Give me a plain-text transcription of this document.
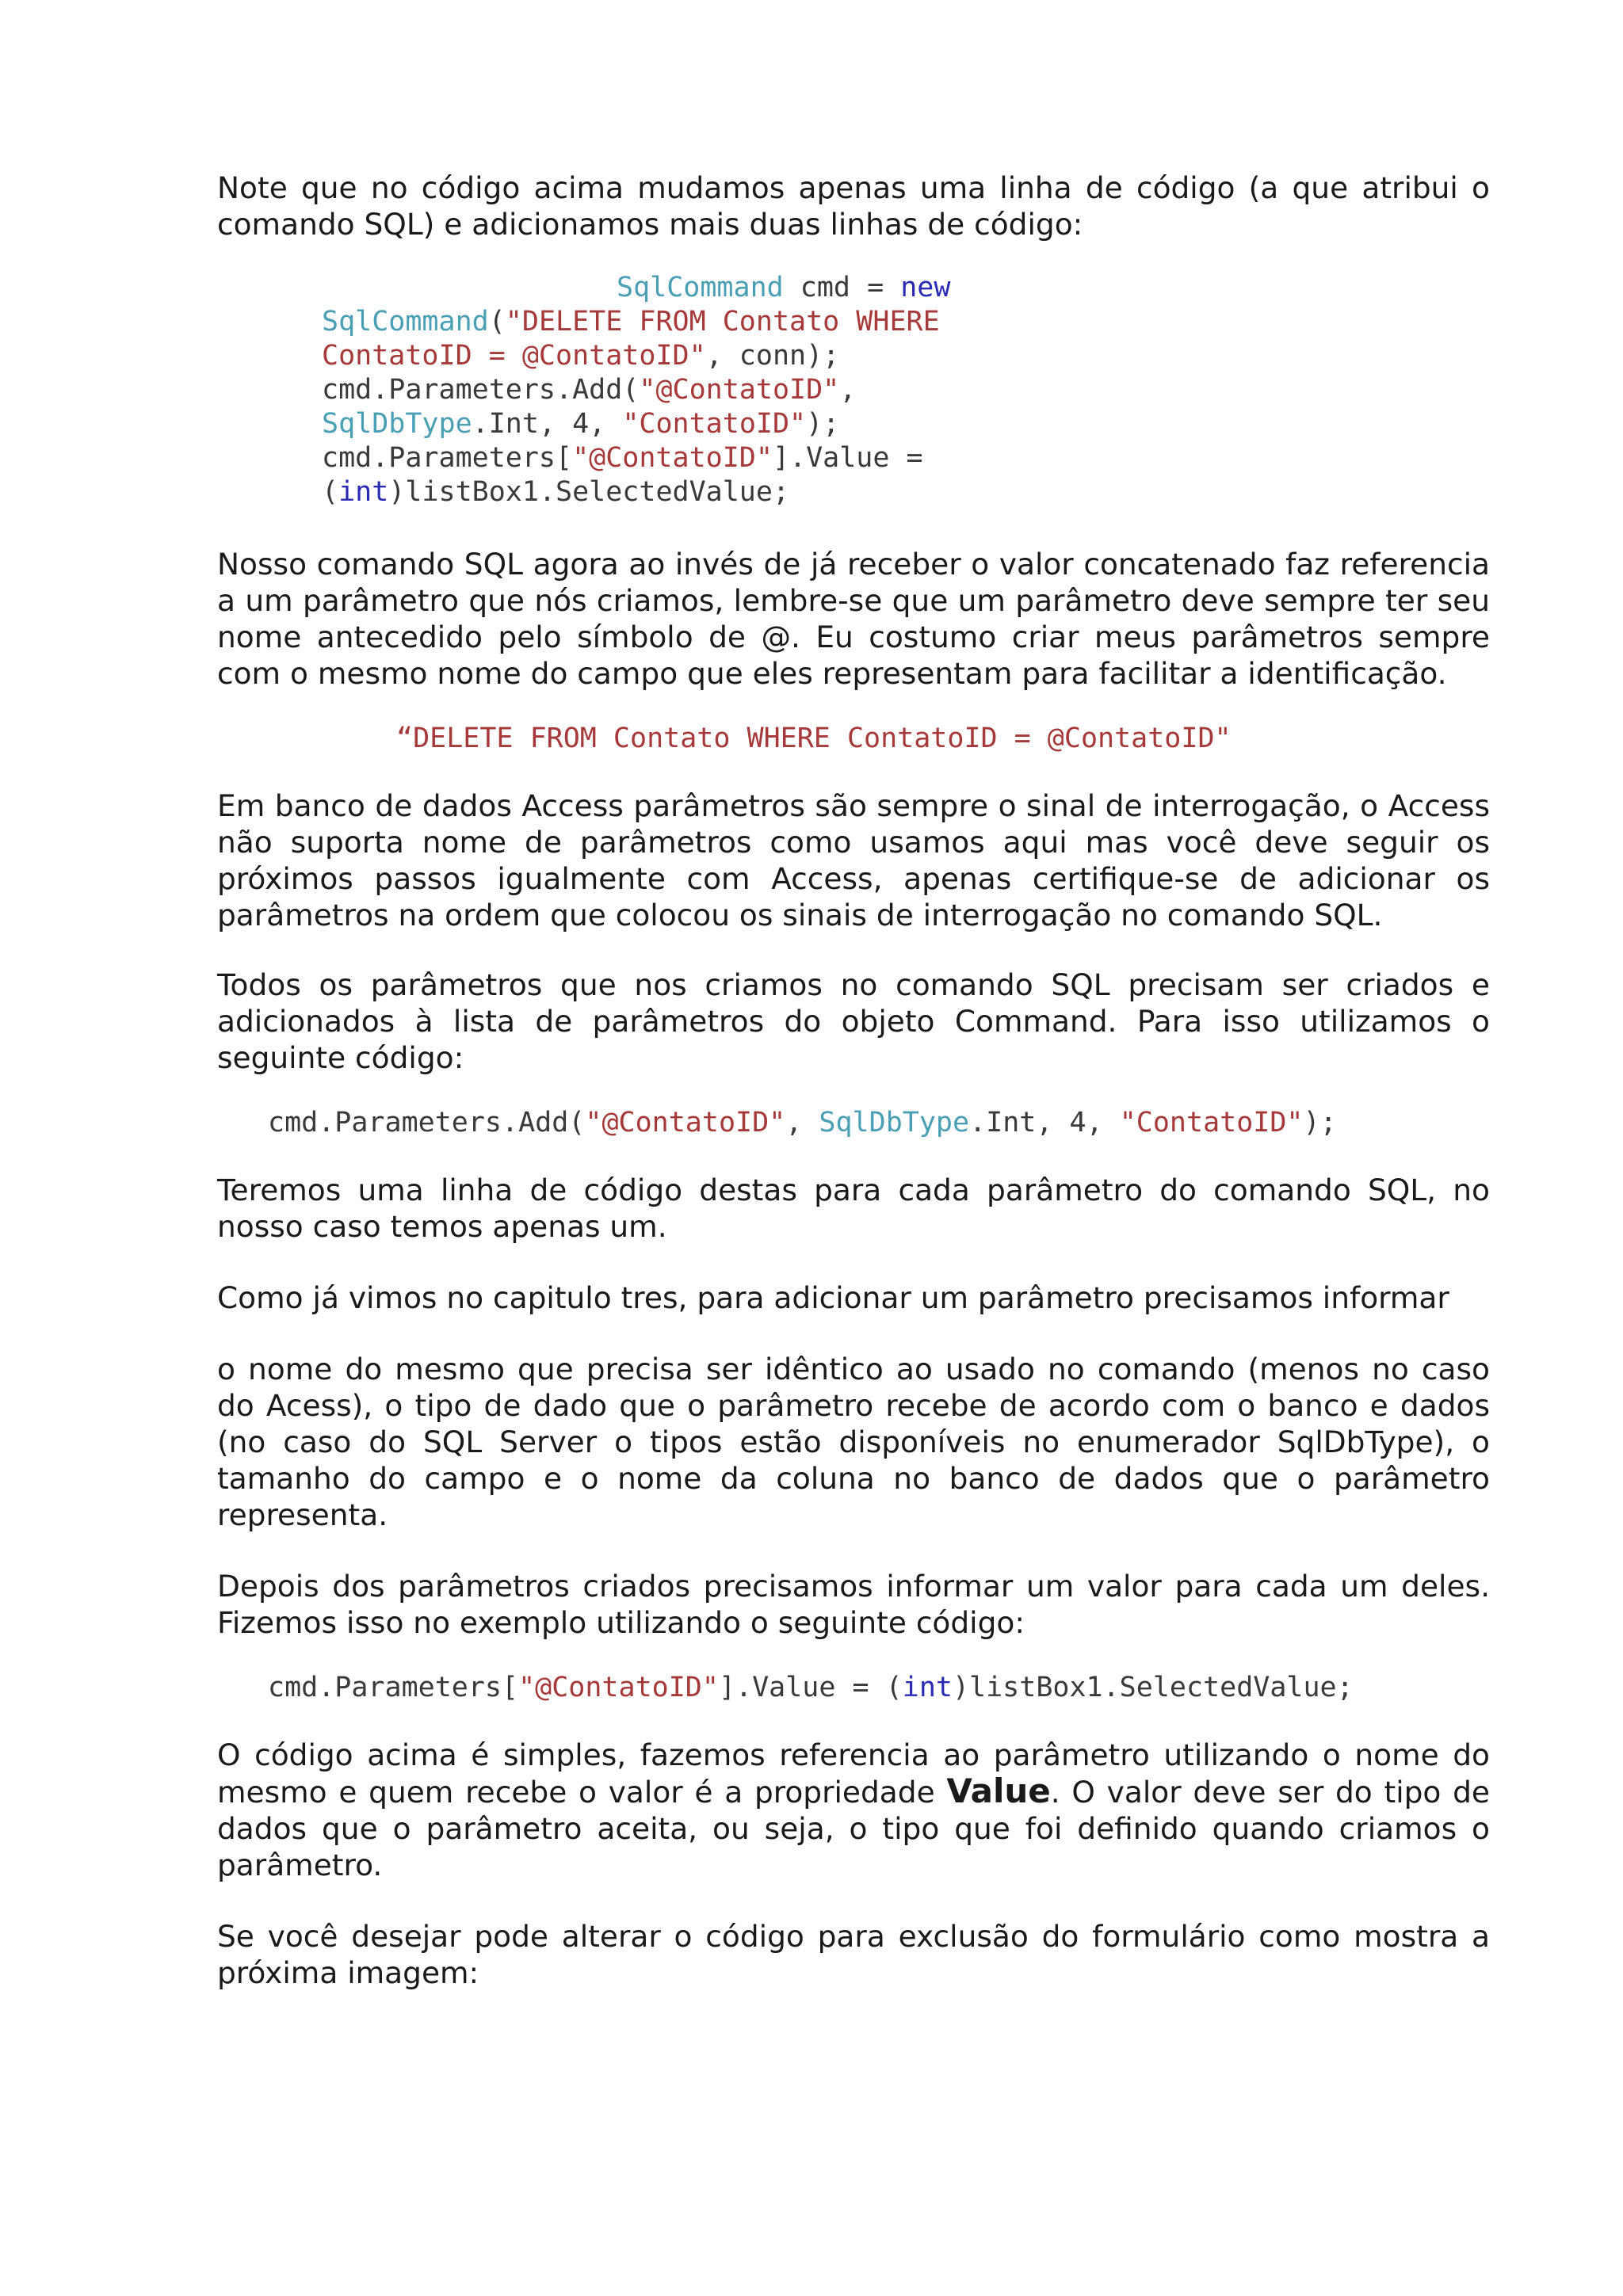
Note que no código acima mudamos apenas uma linha de código (a que atribui o comando SQL) e adicionamos mais duas linhas de código:

SqlCommand cmd = new
SqlCommand("DELETE FROM Contato WHERE
ContatoID = @ContatoID", conn);
cmd.Parameters.Add("@ContatoID",
SqlDbType.Int, 4, "ContatoID");
cmd.Parameters["@ContatoID"].Value =
(int)listBox1.SelectedValue;

Nosso comando SQL agora ao invés de já receber o valor concatenado faz referencia a um parâmetro que nós criamos, lembre-se que um parâmetro deve sempre ter seu nome antecedido pelo símbolo de @. Eu costumo criar meus parâmetros sempre com o mesmo nome do campo que eles representam para facilitar a identificação.

“DELETE FROM Contato WHERE ContatoID = @ContatoID"

Em banco de dados Access parâmetros são sempre o sinal de interrogação, o Access não suporta nome de parâmetros como usamos aqui mas você deve seguir os próximos passos igualmente com Access, apenas certifique-se de adicionar os parâmetros na ordem que colocou os sinais de interrogação no comando SQL.

Todos os parâmetros que nos criamos no comando SQL precisam ser criados e adicionados à lista de parâmetros do objeto Command. Para isso utilizamos o seguinte código:

cmd.Parameters.Add("@ContatoID", SqlDbType.Int, 4, "ContatoID");

Teremos uma linha de código destas para cada parâmetro do comando SQL, no nosso caso temos apenas um.

Como já vimos no capitulo tres, para adicionar um parâmetro precisamos informar

o nome do mesmo que precisa ser idêntico ao usado no comando (menos no caso do Acess), o tipo de dado que o parâmetro recebe de acordo com o banco e dados (no caso do SQL Server o tipos estão disponíveis no enumerador SqlDbType), o tamanho do campo e o nome da coluna no banco de dados que o parâmetro representa.

Depois dos parâmetros criados precisamos informar um valor para cada um deles. Fizemos isso no exemplo utilizando o seguinte código:

cmd.Parameters["@ContatoID"].Value = (int)listBox1.SelectedValue;

O código acima é simples, fazemos referencia ao parâmetro utilizando o nome do mesmo e quem recebe o valor é a propriedade Value. O valor deve ser do tipo de dados que o parâmetro aceita, ou seja, o tipo que foi definido quando criamos o parâmetro.

Se você desejar pode alterar o código para exclusão do formulário como mostra a próxima imagem:
